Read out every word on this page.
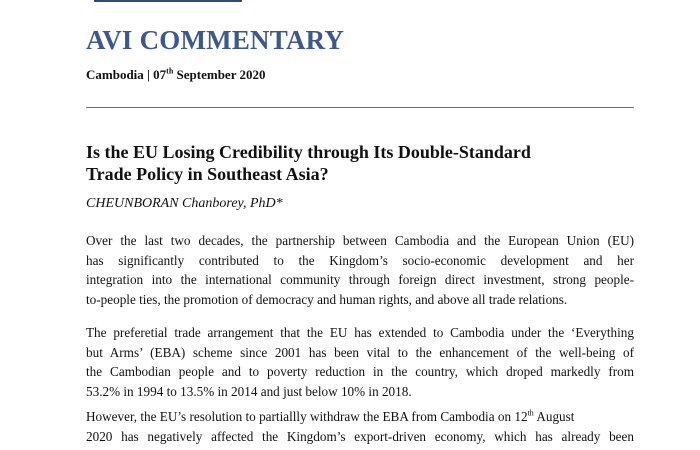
AVI COMMENTARY
Cambodia | 07th September 2020
Is the EU Losing Credibility through Its Double-Standard
Trade Policy in Southeast Asia?
CHEUNBORAN Chanborey, PhD*
Over the last two decades, the partnership between Cambodia and the European Union (EU)
has significantly contributed to the Kingdom’s socio-economic development and her
integration into the international community through foreign direct investment, strong people-
to-people ties, the promotion of democracy and human rights, and above all trade relations.
The preferetial trade arrangement that the EU has extended to Cambodia under the ‘Everything
but Arms’ (EBA) scheme since 2001 has been vital to the enhancement of the well-being of
the Cambodian people and to poverty reduction in the country, which droped markedly from
53.2% in 1994 to 13.5% in 2014 and just below 10% in 2018.
However, the EU’s resolution to partiallly withdraw the EBA from Cambodia on 12th August
2020 has negatively affected the Kingdom’s export-driven economy, which has already been
